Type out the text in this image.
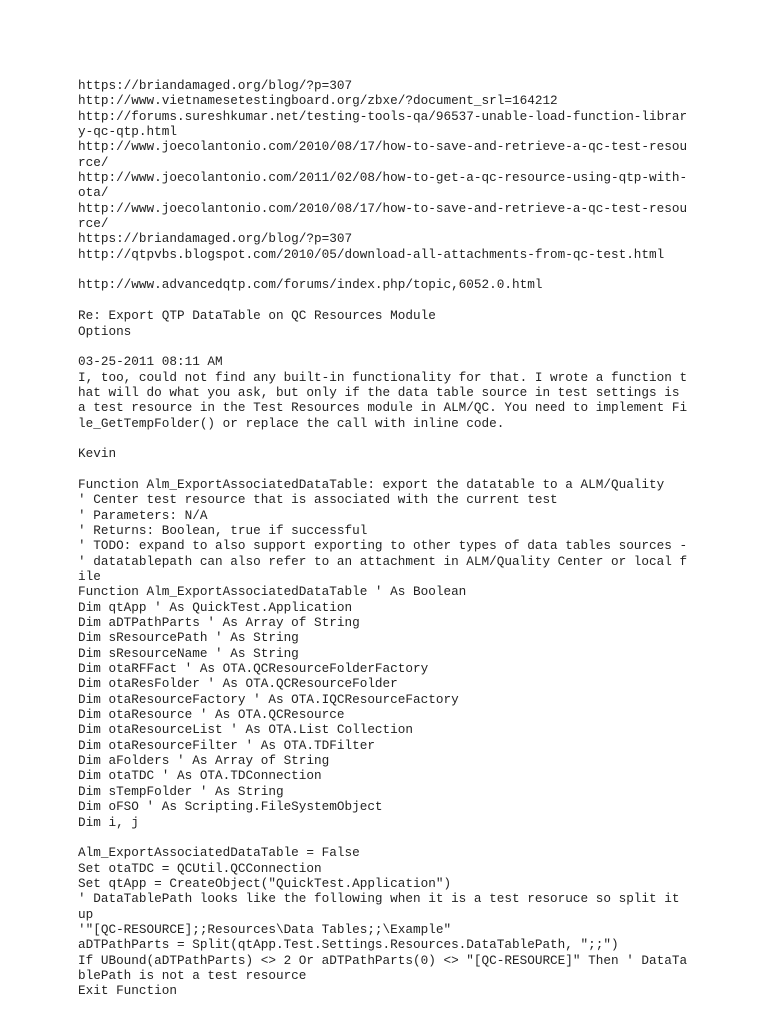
https://briandamaged.org/blog/?p=307
http://www.vietnamesetestingboard.org/zbxe/?document_srl=164212
http://forums.sureshkumar.net/testing-tools-qa/96537-unable-load-function-librar
y-qc-qtp.html
http://www.joecolantonio.com/2010/08/17/how-to-save-and-retrieve-a-qc-test-resou
rce/
http://www.joecolantonio.com/2011/02/08/how-to-get-a-qc-resource-using-qtp-with-
ota/
http://www.joecolantonio.com/2010/08/17/how-to-save-and-retrieve-a-qc-test-resou
rce/
https://briandamaged.org/blog/?p=307
http://qtpvbs.blogspot.com/2010/05/download-all-attachments-from-qc-test.html
http://www.advancedqtp.com/forums/index.php/topic,6052.0.html
Re: Export QTP DataTable on QC Resources Module
Options
03-25-2011 08:11 AM
I, too, could not find any built-in functionality for that. I wrote a function t
hat will do what you ask, but only if the data table source in test settings is
a test resource in the Test Resources module in ALM/QC. You need to implement Fi
le_GetTempFolder() or replace the call with inline code.
Kevin
Function Alm_ExportAssociatedDataTable: export the datatable to a ALM/Quality
' Center test resource that is associated with the current test
' Parameters: N/A
' Returns: Boolean, true if successful
' TODO: expand to also support exporting to other types of data tables sources -
' datatablepath can also refer to an attachment in ALM/Quality Center or local f
ile
Function Alm_ExportAssociatedDataTable ' As Boolean
Dim qtApp ' As QuickTest.Application
Dim aDTPathParts ' As Array of String
Dim sResourcePath ' As String
Dim sResourceName ' As String
Dim otaRFFact ' As OTA.QCResourceFolderFactory
Dim otaResFolder ' As OTA.QCResourceFolder
Dim otaResourceFactory ' As OTA.IQCResourceFactory
Dim otaResource ' As OTA.QCResource
Dim otaResourceList ' As OTA.List Collection
Dim otaResourceFilter ' As OTA.TDFilter
Dim aFolders ' As Array of String
Dim otaTDC ' As OTA.TDConnection
Dim sTempFolder ' As String
Dim oFSO ' As Scripting.FileSystemObject
Dim i, j
Alm_ExportAssociatedDataTable = False
Set otaTDC = QCUtil.QCConnection
Set qtApp = CreateObject("QuickTest.Application")
' DataTablePath looks like the following when it is a test resoruce so split it
up
'"[QC-RESOURCE];;Resources\Data Tables;;\Example"
aDTPathParts = Split(qtApp.Test.Settings.Resources.DataTablePath, ";;")
If UBound(aDTPathParts) <> 2 Or aDTPathParts(0) <> "[QC-RESOURCE]" Then ' DataTa
blePath is not a test resource
Exit Function
